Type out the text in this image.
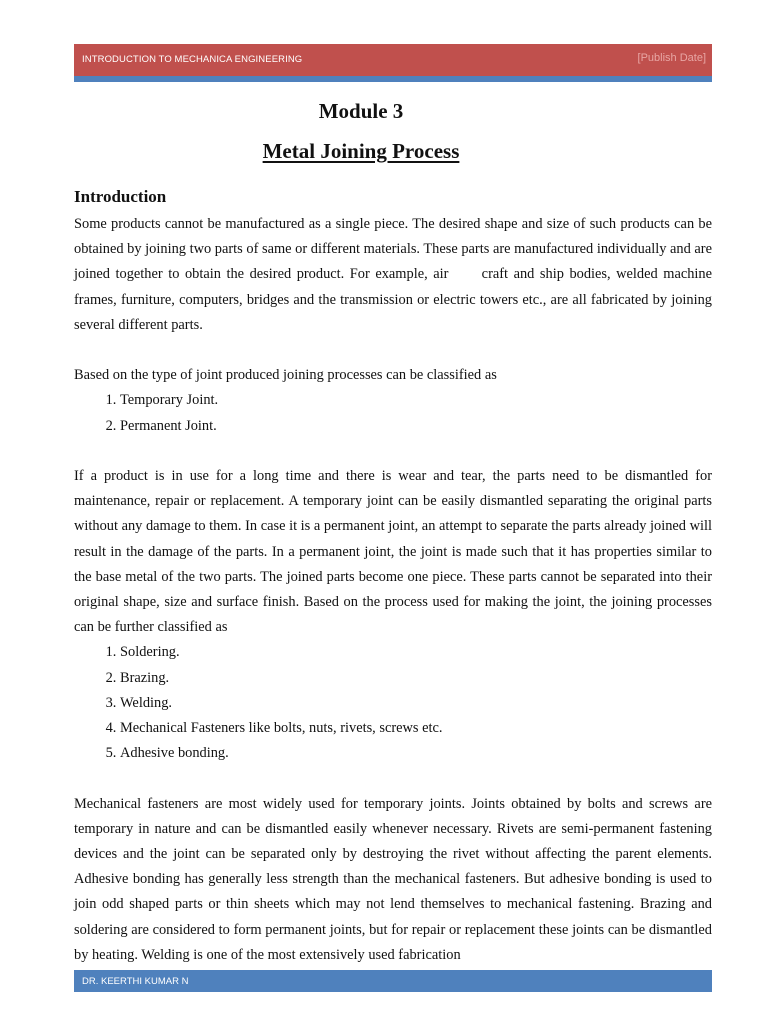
INTRODUCTION TO MECHANICA ENGINEERING	[Publish Date]
Module 3
Metal Joining Process
Introduction

Some products cannot be manufactured as a single piece. The desired shape and size of such products can be obtained by joining two parts of same or different materials. These parts are manufactured individually and are joined together to obtain the desired product. For example, air      craft and ship bodies, welded machine frames, furniture, computers, bridges and the transmission or electric towers etc., are all fabricated by joining several different parts.

Based on the type of joint produced joining processes can be classified as

1. Temporary Joint.
2. Permanent Joint.

If a product is in use for a long time and there is wear and tear, the parts need to be dismantled for maintenance, repair or replacement. A temporary joint can be easily dismantled separating the original parts without any damage to them. In case it is a permanent joint, an attempt to separate the parts already joined will result in the damage of the parts. In a permanent joint, the joint is made such that it has properties similar to the base metal of the two parts. The joined parts become one piece. These parts cannot be separated into their original shape, size and surface finish. Based on the process used for making the joint, the joining processes can be further classified as

1. Soldering.
2. Brazing.
3. Welding.
4. Mechanical Fasteners like bolts, nuts, rivets, screws etc.
5. Adhesive bonding.

Mechanical fasteners are most widely used for temporary joints. Joints obtained by bolts and screws are temporary in nature and can be dismantled easily whenever necessary. Rivets are semi-permanent fastening devices and the joint can be separated only by destroying the rivet without affecting the parent elements. Adhesive bonding has generally less strength than the mechanical fasteners. But adhesive bonding is used to join odd shaped parts or thin sheets which may not lend themselves to mechanical fastening. Brazing and soldering are considered to form permanent joints, but for repair or replacement these joints can be dismantled by heating. Welding is one of the most extensively used fabrication

DR. KEERTHI KUMAR N
